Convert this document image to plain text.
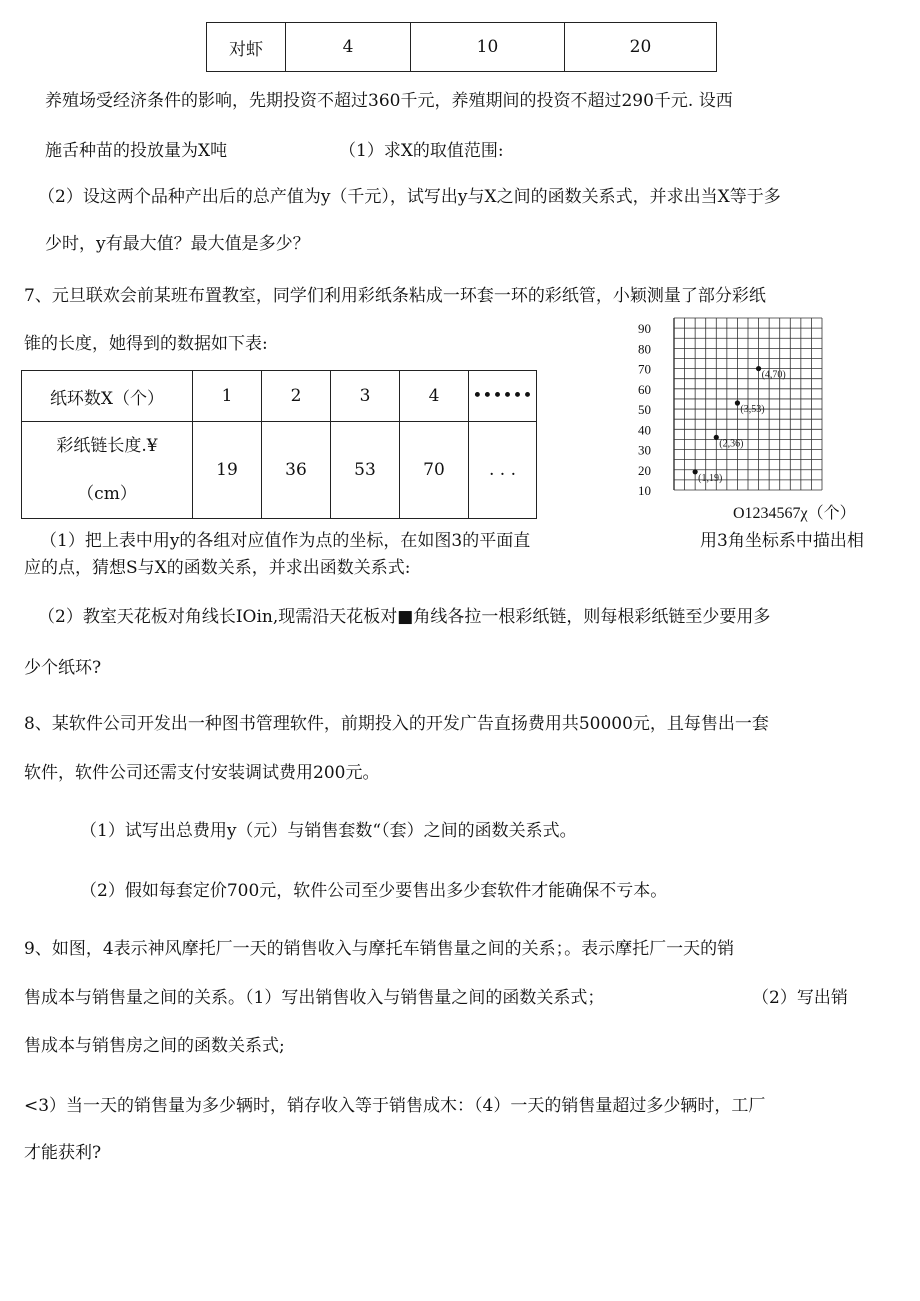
对虾	4	10	20
养殖场受经济条件的影响，先期投资不超过360千元，养殖期间的投资不超过290千元. 设西
施舌种苗的投放量为X吨	（1）求X的取值范围:
（2）设这两个品种产出后的总产值为y（千元），试写出y与X之间的函数关系式，并求出当X等于多
少时，y有最大值？最大值是多少？
7、元旦联欢会前某班布置教室，同学们利用彩纸条粘成一环套一环的彩纸管，小颖测量了部分彩纸
锥的长度，她得到的数据如下表:
纸环数X（个）	1	2	3	4	••••••

彩纸链长度.¥
（cm）	19	36	53	70	. . .
10
20
30
40
50
60
70
80
90
(1,19)
(2,36)
(3,53)
(4,70)
O1234567χ（个）
（1）把上表中用y的各组对应值作为点的坐标，在如图3的平面直	用3角坐标系中描出相
应的点，猜想S与X的函数关系，并求出函数关系式:
（2）教室天花板对角线长IOin,现需沿天花板对■角线各拉一根彩纸链，则每根彩纸链至少要用多
少个纸环?
8、某软件公司开发出一种图书管理软件，前期投入的开发广告直扬费用共50000元，且每售出一套
软件，软件公司还需支付安装调试费用200元。
（1）试写出总费用y（元）与销售套数“（套）之间的函数关系式。
（2）假如每套定价700元，软件公司至少要售出多少套软件才能确保不亏本。
9、如图，4表示神风摩托厂一天的销售收入与摩托车销售量之间的关系；。表示摩托厂一天的销
售成本与销售量之间的关系。（1）写出销售收入与销售量之间的函数关系式；	（2）写出销
售成本与销售房之间的函数关系式;
<3）当一天的销售量为多少辆时，销存收入等于销售成木：（4）一天的销售量超过多少辆时，工厂
才能获利?
